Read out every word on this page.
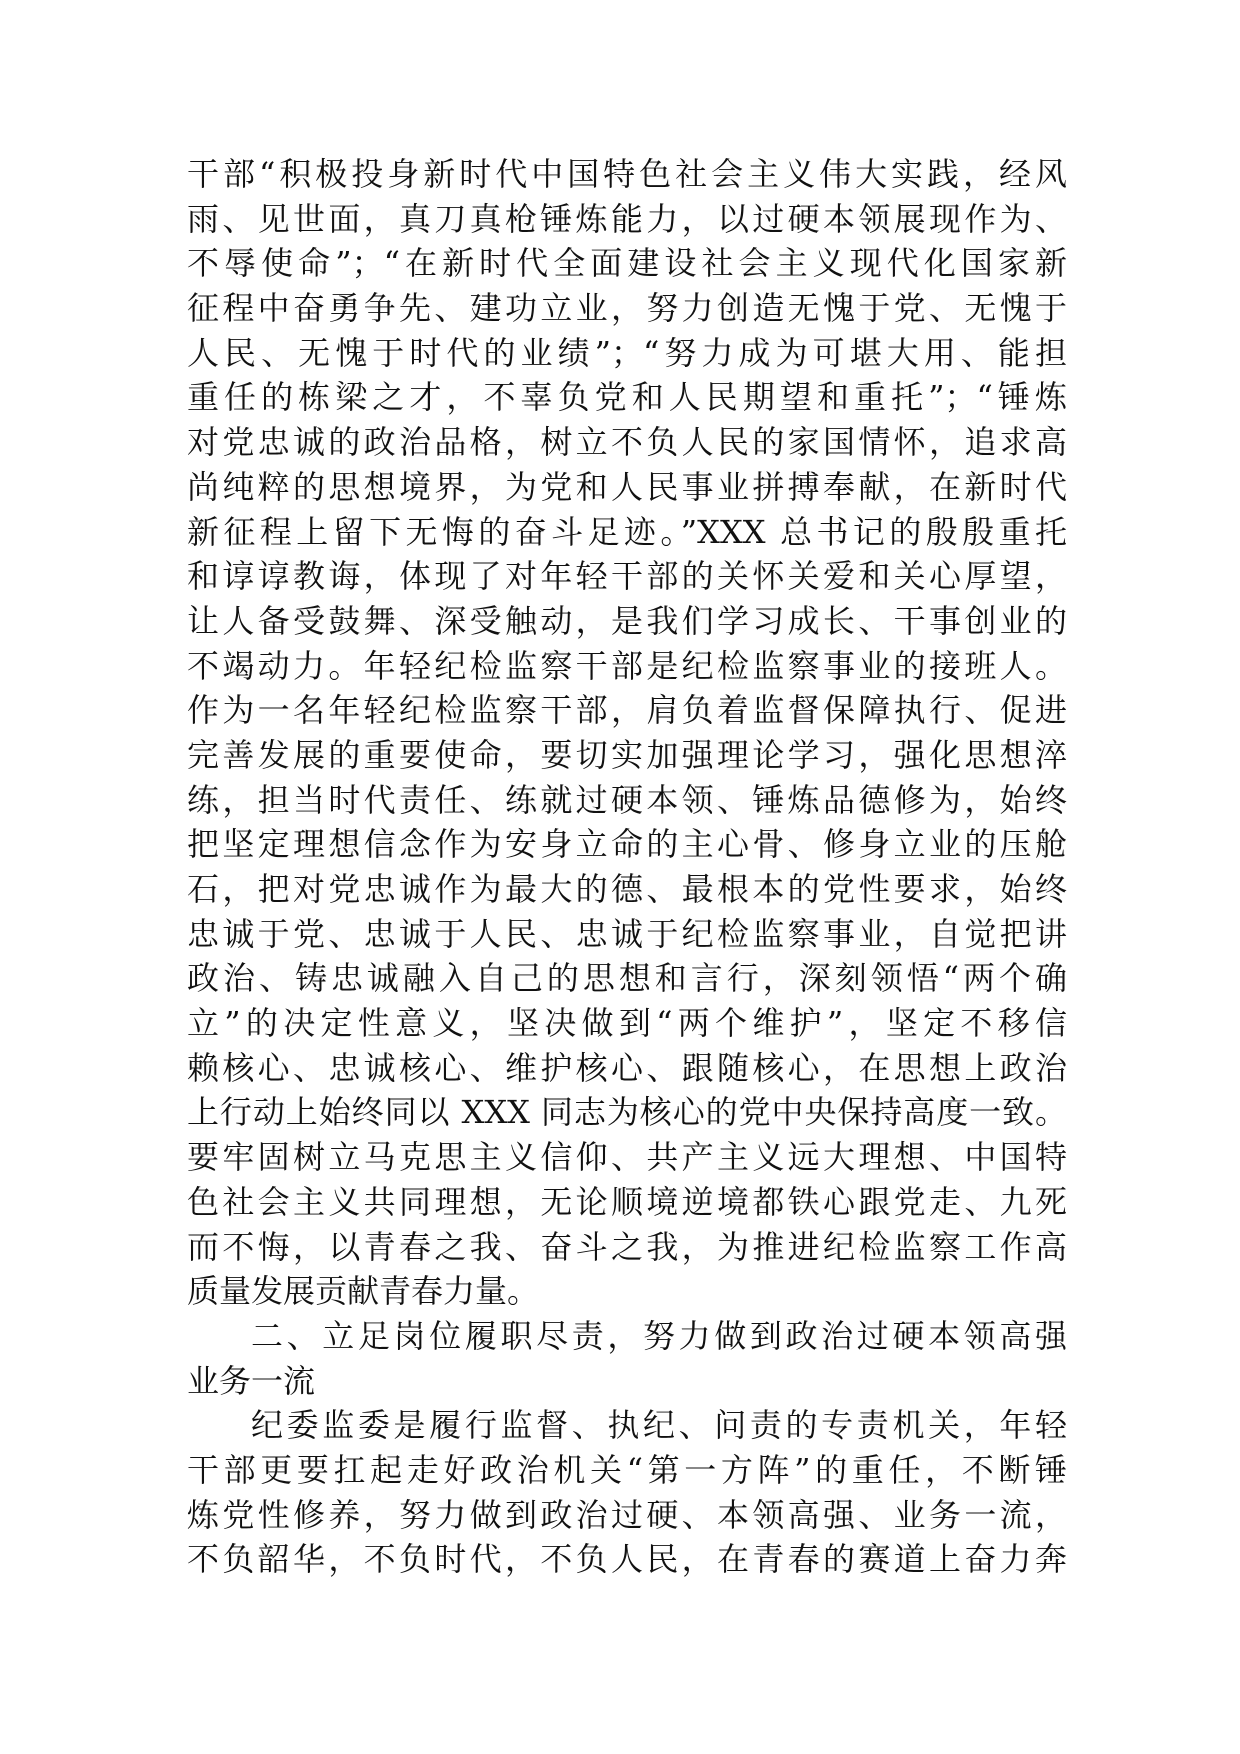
干部“积极投身新时代中国特色社会主义伟大实践，经风
雨、见世面，真刀真枪锤炼能力，以过硬本领展现作为、
不辱使命”；“在新时代全面建设社会主义现代化国家新
征程中奋勇争先、建功立业，努力创造无愧于党、无愧于
人民、无愧于时代的业绩”；“努力成为可堪大用、能担
重任的栋梁之才，不辜负党和人民期望和重托”；“锤炼
对党忠诚的政治品格，树立不负人民的家国情怀，追求高
尚纯粹的思想境界，为党和人民事业拼搏奉献，在新时代
新征程上留下无悔的奋斗足迹。”XXX 总书记的殷殷重托
和谆谆教诲，体现了对年轻干部的关怀关爱和关心厚望，
让人备受鼓舞、深受触动，是我们学习成长、干事创业的
不竭动力。年轻纪检监察干部是纪检监察事业的接班人。
作为一名年轻纪检监察干部，肩负着监督保障执行、促进
完善发展的重要使命，要切实加强理论学习，强化思想淬
练，担当时代责任、练就过硬本领、锤炼品德修为，始终
把坚定理想信念作为安身立命的主心骨、修身立业的压舱
石，把对党忠诚作为最大的德、最根本的党性要求，始终
忠诚于党、忠诚于人民、忠诚于纪检监察事业，自觉把讲
政治、铸忠诚融入自己的思想和言行，深刻领悟“两个确
立”的决定性意义，坚决做到“两个维护”，坚定不移信
赖核心、忠诚核心、维护核心、跟随核心，在思想上政治
上行动上始终同以 XXX 同志为核心的党中央保持高度一致。
要牢固树立马克思主义信仰、共产主义远大理想、中国特
色社会主义共同理想，无论顺境逆境都铁心跟党走、九死
而不悔，以青春之我、奋斗之我，为推进纪检监察工作高
质量发展贡献青春力量。
二、立足岗位履职尽责，努力做到政治过硬本领高强
业务一流
纪委监委是履行监督、执纪、问责的专责机关，年轻
干部更要扛起走好政治机关“第一方阵”的重任，不断锤
炼党性修养，努力做到政治过硬、本领高强、业务一流，
不负韶华，不负时代，不负人民，在青春的赛道上奋力奔
